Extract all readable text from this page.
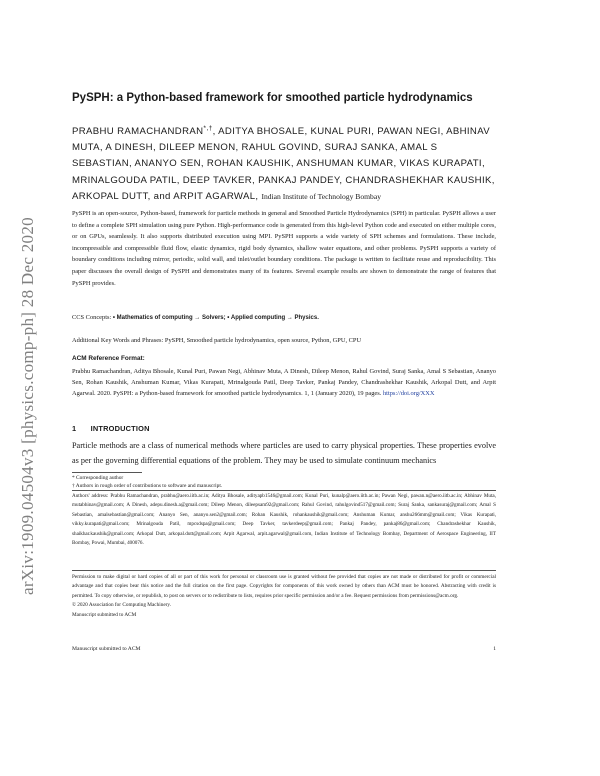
arXiv:1909.04504v3 [physics.comp-ph] 28 Dec 2020
PySPH: a Python-based framework for smoothed particle hydrodynamics
PRABHU RAMACHANDRAN*,†, ADITYA BHOSALE, KUNAL PURI, PAWAN NEGI, ABHINAV MUTA, A DINESH, DILEEP MENON, RAHUL GOVIND, SURAJ SANKA, AMAL S SEBASTIAN, ANANYO SEN, ROHAN KAUSHIK, ANSHUMAN KUMAR, VIKAS KURAPATI, MRINALGOUDA PATIL, DEEP TAVKER, PANKAJ PANDEY, CHANDRASHEKHAR KAUSHIK, ARKOPAL DUTT, and ARPIT AGARWAL, Indian Institute of Technology Bombay
PySPH is an open-source, Python-based, framework for particle methods in general and Smoothed Particle Hydrodynamics (SPH) in particular. PySPH allows a user to define a complete SPH simulation using pure Python. High-performance code is generated from this high-level Python code and executed on either multiple cores, or on GPUs, seamlessly. It also supports distributed execution using MPI. PySPH supports a wide variety of SPH schemes and formulations. These include, incompressible and compressible fluid flow, elastic dynamics, rigid body dynamics, shallow water equations, and other problems. PySPH supports a variety of boundary conditions including mirror, periodic, solid wall, and inlet/outlet boundary conditions. The package is written to facilitate reuse and reproducibility. This paper discusses the overall design of PySPH and demonstrates many of its features. Several example results are shown to demonstrate the range of features that PySPH provides.
CCS Concepts: • Mathematics of computing → Solvers; • Applied computing → Physics.
Additional Key Words and Phrases: PySPH, Smoothed particle hydrodynamics, open source, Python, GPU, CPU
ACM Reference Format:
Prabhu Ramachandran, Aditya Bhosale, Kunal Puri, Pawan Negi, Abhinav Muta, A Dinesh, Dileep Menon, Rahul Govind, Suraj Sanka, Amal S Sebastian, Ananyo Sen, Rohan Kaushik, Anshuman Kumar, Vikas Kurapati, Mrinalgouda Patil, Deep Tavker, Pankaj Pandey, Chandrashekhar Kaushik, Arkopal Dutt, and Arpit Agarwal. 2020. PySPH: a Python-based framework for smoothed particle hydrodynamics. 1, 1 (January 2020), 19 pages. https://doi.org/XXX
1 INTRODUCTION
Particle methods are a class of numerical methods where particles are used to carry physical properties. These properties evolve as per the governing differential equations of the problem. They may be used to simulate continuum mechanics
* Corresponding author
† Authors in rough order of contributions to software and manuscript.
Authors' address: Prabhu Ramachandran, prabhu@aero.iitb.ac.in; Aditya Bhosale, adityapb1546@gmail.com; Kunal Puri, kunalp@aero.iitb.ac.in; Pawan Negi, pawan.n@aero.iitb.ac.in; Abhinav Muta, mutabhinav@gmail.com; A Dinesh, adepu.dinesh.a@gmail.com; Dileep Menon, dileepsam92@gmail.com; Rahul Govind, rahulgovind517@gmail.com; Suraj Sanka, sankasuraj@gmail.com; Amal S Sebastian, amalsebastian@gmail.com; Ananyo Sen, ananyo.sen2@gmail.com; Rohan Kaushik, rohankaushik@gmail.com; Anshuman Kumar, anshu266mm@gmail.com; Vikas Kurapati, vikky.kurapati@gmail.com; Mrinalgouda Patil, mpcsdspa@gmail.com; Deep Tavker, tavkerdeep@gmail.com; Pankaj Pandey, pankaj86@gmail.com; Chandrashekhar Kaushik, shaikhar.kaushik@gmail.com; Arkopal Dutt, arkopal.dutt@gmail.com; Arpit Agarwal, arpit.agarwal@gmail.com, Indian Institute of Technology Bombay, Department of Aerospace Engineering, IIT Bombay, Powai, Mumbai, 400076.
Permission to make digital or hard copies of all or part of this work for personal or classroom use is granted without fee provided that copies are not made or distributed for profit or commercial advantage and that copies bear this notice and the full citation on the first page. Copyrights for components of this work owned by others than ACM must be honored. Abstracting with credit is permitted. To copy otherwise, or republish, to post on servers or to redistribute to lists, requires prior specific permission and/or a fee. Request permissions from permissions@acm.org.
© 2020 Association for Computing Machinery.
Manuscript submitted to ACM
Manuscript submitted to ACM	1
